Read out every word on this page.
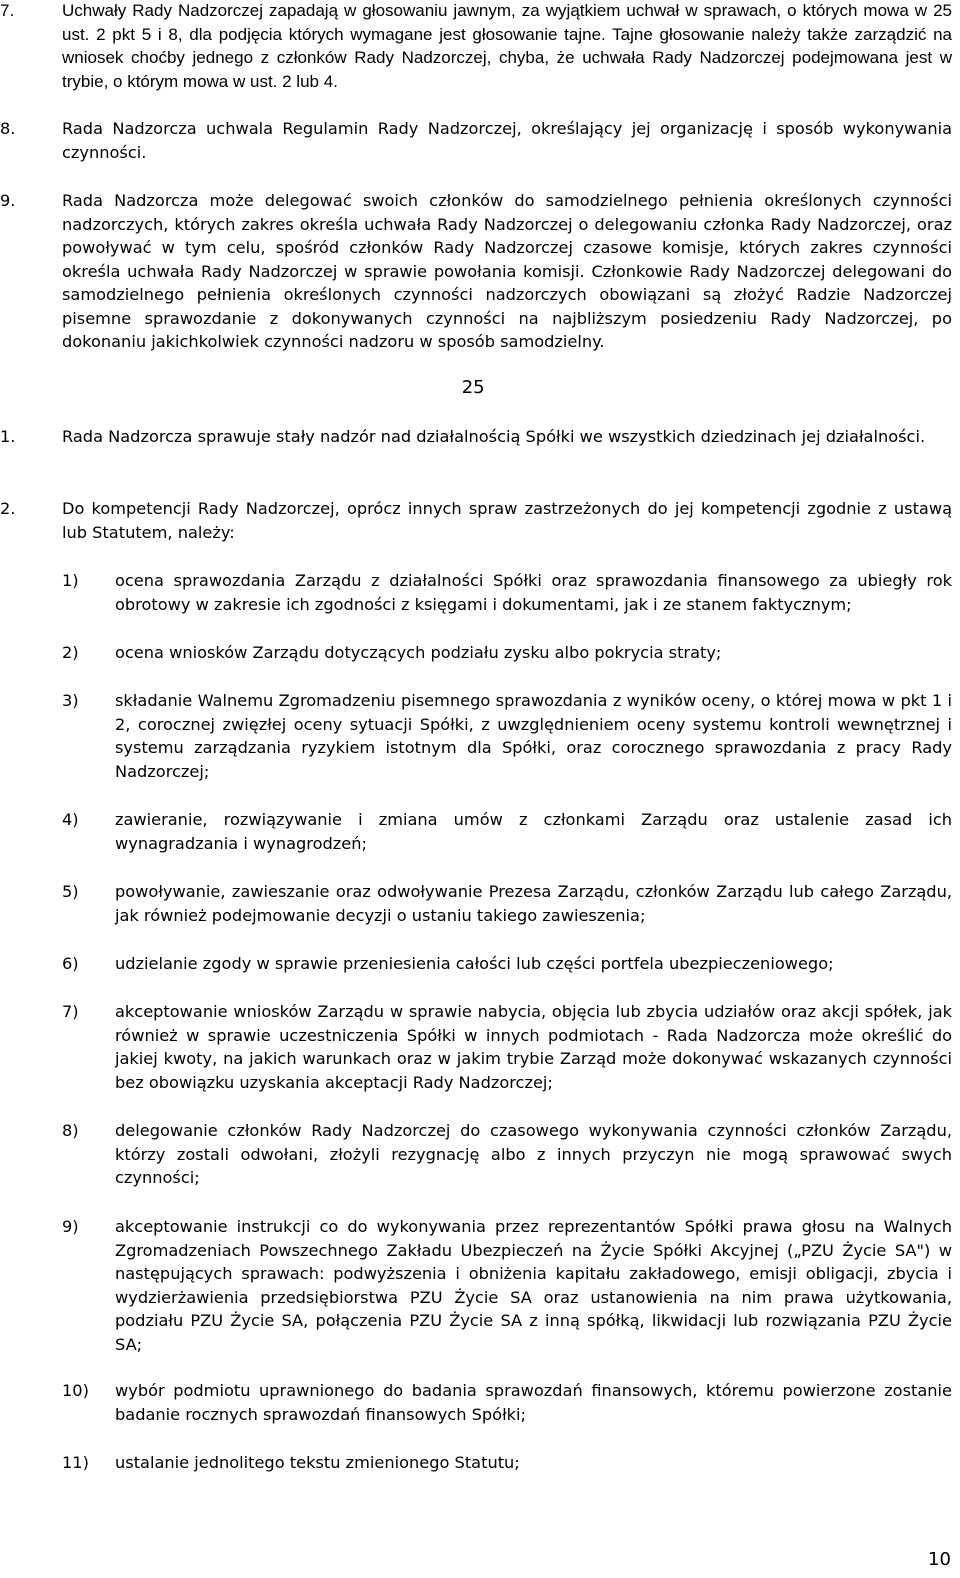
7.	Uchwały Rady Nadzorczej zapadają w głosowaniu jawnym, za wyjątkiem uchwał w sprawach, o których mowa w 25 ust. 2 pkt 5 i 8, dla podjęcia których wymagane jest głosowanie tajne. Tajne głosowanie należy także zarządzić na wniosek choćby jednego z członków Rady Nadzorczej, chyba, że uchwała Rady Nadzorczej podejmowana jest w trybie, o którym mowa w ust. 2 lub 4.
8.	Rada Nadzorcza uchwala Regulamin Rady Nadzorczej, określający jej organizację i sposób wykonywania czynności.
9.	Rada Nadzorcza może delegować swoich członków do samodzielnego pełnienia określonych czynności nadzorczych, których zakres określa uchwała Rady Nadzorczej o delegowaniu członka Rady Nadzorczej, oraz powoływać w tym celu, spośród członków Rady Nadzorczej czasowe komisje, których zakres czynności określa uchwała Rady Nadzorczej w sprawie powołania komisji. Członkowie Rady Nadzorczej delegowani do samodzielnego pełnienia określonych czynności nadzorczych obowiązani są złożyć Radzie Nadzorczej pisemne sprawozdanie z dokonywanych czynności na najbliższym posiedzeniu Rady Nadzorczej, po dokonaniu jakichkolwiek czynności nadzoru w sposób samodzielny.
25
1.	Rada Nadzorcza sprawuje stały nadzór nad działalnością Spółki we wszystkich dziedzinach jej działalności.
2.	Do kompetencji Rady Nadzorczej, oprócz innych spraw zastrzeżonych do jej kompetencji zgodnie z ustawą lub Statutem, należy:
1) ocena sprawozdania Zarządu z działalności Spółki oraz sprawozdania finansowego za ubiegły rok obrotowy w zakresie ich zgodności z księgami i dokumentami, jak i ze stanem faktycznym;
2) ocena wniosków Zarządu dotyczących podziału zysku albo pokrycia straty;
3) składanie Walnemu Zgromadzeniu pisemnego sprawozdania z wyników oceny, o której mowa w pkt 1 i 2, corocznej zwięzłej oceny sytuacji Spółki, z uwzględnieniem oceny systemu kontroli wewnętrznej i systemu zarządzania ryzykiem istotnym dla Spółki, oraz corocznego sprawozdania z pracy Rady Nadzorczej;
4) zawieranie, rozwiązywanie i zmiana umów z członkami Zarządu oraz ustalenie zasad ich wynagradzania i wynagrodzeń;
5) powoływanie, zawieszanie oraz odwoływanie Prezesa Zarządu, członków Zarządu lub całego Zarządu, jak również podejmowanie decyzji o ustaniu takiego zawieszenia;
6) udzielanie zgody w sprawie przeniesienia całości lub części portfela ubezpieczeniowego;
7) akceptowanie wniosków Zarządu w sprawie nabycia, objęcia lub zbycia udziałów oraz akcji spółek, jak również w sprawie uczestniczenia Spółki w innych podmiotach - Rada Nadzorcza może określić do jakiej kwoty, na jakich warunkach oraz w jakim trybie Zarząd może dokonywać wskazanych czynności bez obowiązku uzyskania akceptacji Rady Nadzorczej;
8) delegowanie członków Rady Nadzorczej do czasowego wykonywania czynności członków Zarządu, którzy zostali odwołani, złożyli rezygnację albo z innych przyczyn nie mogą sprawować swych czynności;
9) akceptowanie instrukcji co do wykonywania przez reprezentantów Spółki prawa głosu na Walnych Zgromadzeniach Powszechnego Zakładu Ubezpieczeń na Życie Spółki Akcyjnej („PZU Życie SA") w następujących sprawach: podwyższenia i obniżenia kapitału zakładowego, emisji obligacji, zbycia i wydzierżawienia przedsiębiorstwa PZU Życie SA oraz ustanowienia na nim prawa użytkowania, podziału PZU Życie SA, połączenia PZU Życie SA z inną spółką, likwidacji lub rozwiązania PZU Życie SA;
10) wybór podmiotu uprawnionego do badania sprawozdań finansowych, któremu powierzone zostanie badanie rocznych sprawozdań finansowych Spółki;
11) ustalanie jednolitego tekstu zmienionego Statutu;
10
